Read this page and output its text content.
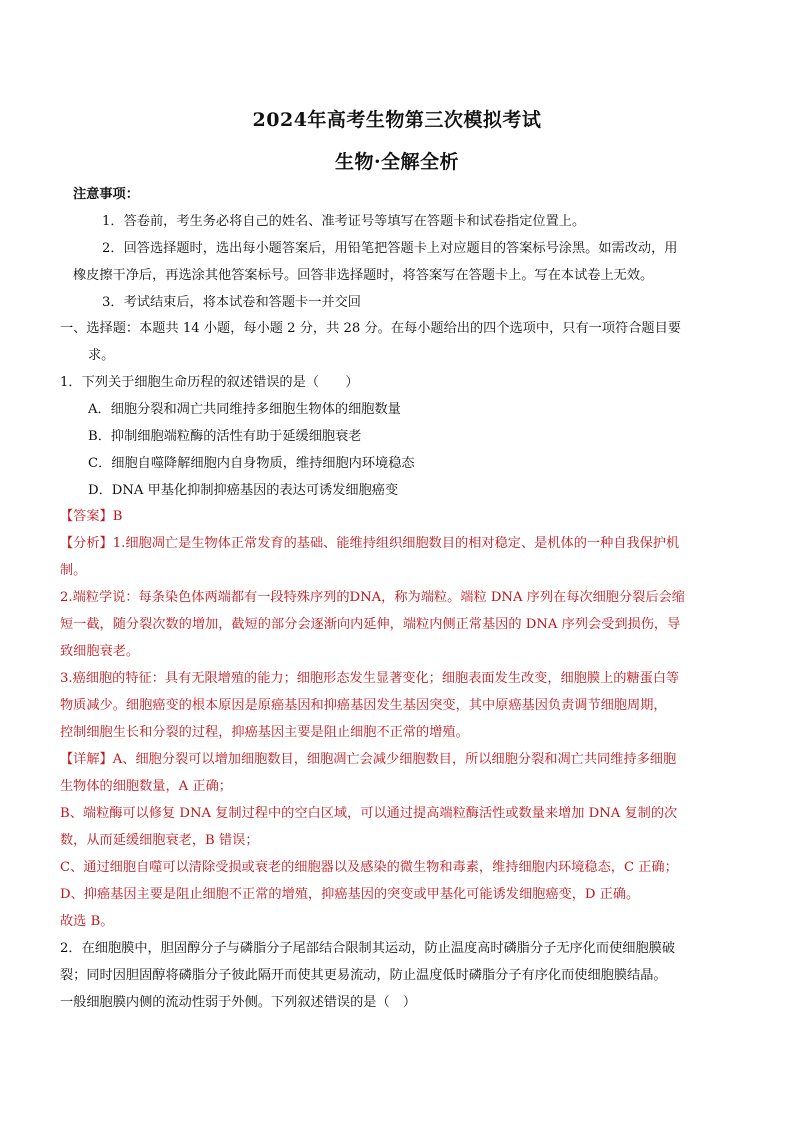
2024年高考生物第三次模拟考试
生物·全解全析
注意事项：
1．答卷前，考生务必将自己的姓名、准考证号等填写在答题卡和试卷指定位置上。
2．回答选择题时，选出每小题答案后，用铅笔把答题卡上对应题目的答案标号涂黑。如需改动，用
橡皮擦干净后，再选涂其他答案标号。回答非选择题时，将答案写在答题卡上。写在本试卷上无效。
3．考试结束后，将本试卷和答题卡一并交回
一、选择题：本题共 14 小题，每小题 2 分，共 28 分。在每小题给出的四个选项中，只有一项符合题目要
求。
1．下列关于细胞生命历程的叙述错误的是（　　）
A．细胞分裂和凋亡共同维持多细胞生物体的细胞数量
B．抑制细胞端粒酶的活性有助于延缓细胞衰老
C．细胞自噬降解细胞内自身物质，维持细胞内环境稳态
D．DNA 甲基化抑制抑癌基因的表达可诱发细胞癌变
【答案】B
【分析】1.细胞凋亡是生物体正常发育的基础、能维持组织细胞数目的相对稳定、是机体的一种自我保护机
制。
2.端粒学说：每条染色体两端都有一段特殊序列的DNA，称为端粒。端粒 DNA 序列在每次细胞分裂后会缩
短一截，随分裂次数的增加，截短的部分会逐渐向内延伸，端粒内侧正常基因的 DNA 序列会受到损伤，导
致细胞衰老。
3.癌细胞的特征：具有无限增殖的能力；细胞形态发生显著变化；细胞表面发生改变，细胞膜上的糖蛋白等
物质减少。细胞癌变的根本原因是原癌基因和抑癌基因发生基因突变，其中原癌基因负责调节细胞周期，
控制细胞生长和分裂的过程，抑癌基因主要是阻止细胞不正常的增殖。
【详解】A、细胞分裂可以增加细胞数目，细胞凋亡会减少细胞数目，所以细胞分裂和凋亡共同维持多细胞
生物体的细胞数量，A 正确；
B、端粒酶可以修复 DNA 复制过程中的空白区域，可以通过提高端粒酶活性或数量来增加 DNA 复制的次
数，从而延缓细胞衰老，B 错误；
C、通过细胞自噬可以清除受损或衰老的细胞器以及感染的微生物和毒素，维持细胞内环境稳态，C 正确；
D、抑癌基因主要是阻止细胞不正常的增殖，抑癌基因的突变或甲基化可能诱发细胞癌变，D 正确。
故选 B。
2．在细胞膜中，胆固醇分子与磷脂分子尾部结合限制其运动，防止温度高时磷脂分子无序化而使细胞膜破
裂；同时因胆固醇将磷脂分子彼此隔开而使其更易流动，防止温度低时磷脂分子有序化而使细胞膜结晶。
一般细胞膜内侧的流动性弱于外侧。下列叙述错误的是（　）
